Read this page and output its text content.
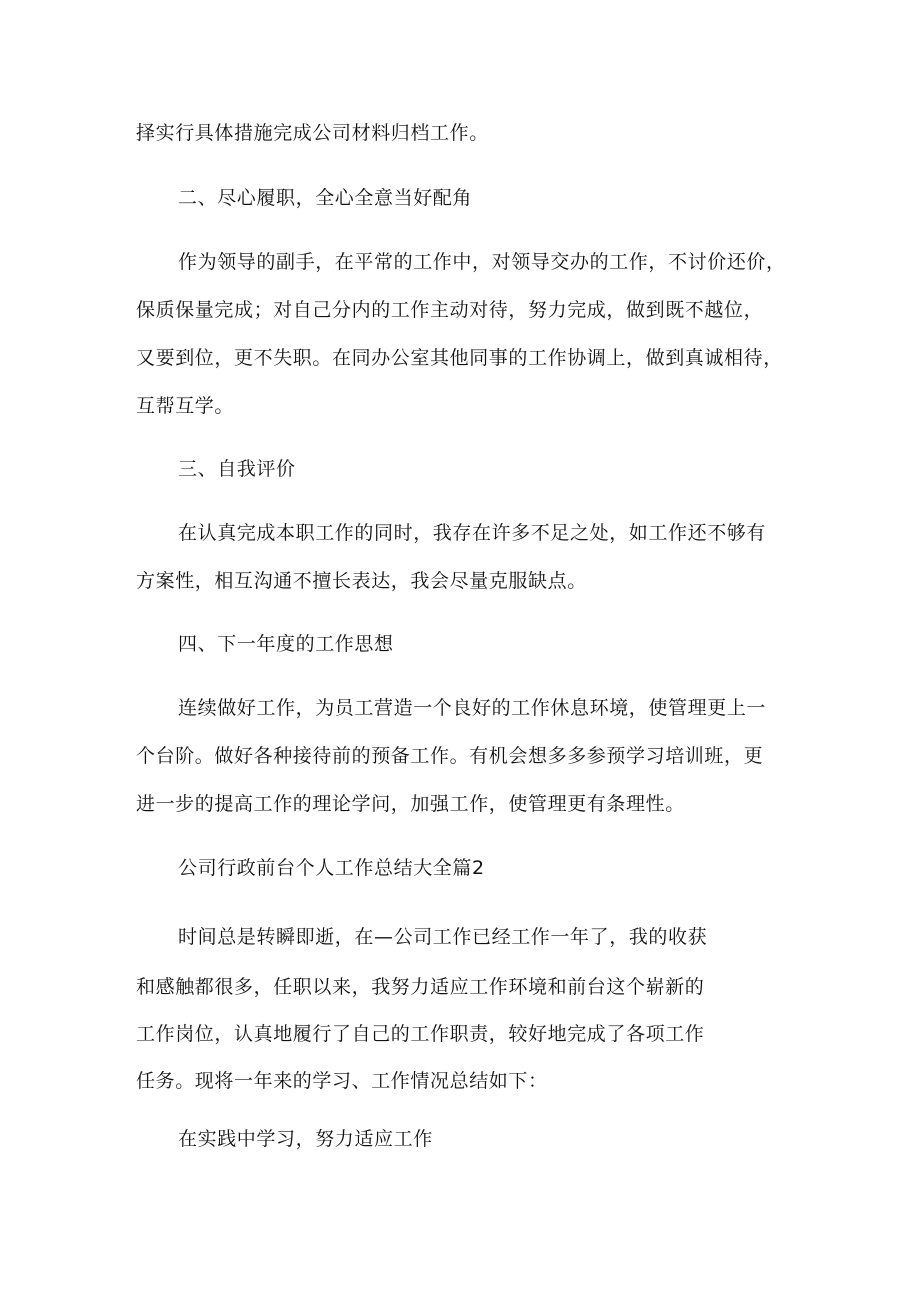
择实行具体措施完成公司材料归档工作。
二、尽心履职，全心全意当好配角
作为领导的副手，在平常的工作中，对领导交办的工作，不讨价还价，
保质保量完成；对自己分内的工作主动对待，努力完成，做到既不越位，
又要到位，更不失职。在同办公室其他同事的工作协调上，做到真诚相待，
互帮互学。
三、自我评价
在认真完成本职工作的同时，我存在许多不足之处，如工作还不够有
方案性，相互沟通不擅长表达，我会尽量克服缺点。
四、下一年度的工作思想
连续做好工作，为员工营造一个良好的工作休息环境，使管理更上一
个台阶。做好各种接待前的预备工作。有机会想多多参预学习培训班，更
进一步的提高工作的理论学问，加强工作，使管理更有条理性。
公司行政前台个人工作总结大全篇2
时间总是转瞬即逝，在—公司工作已经工作一年了，我的收获
和感触都很多，任职以来，我努力适应工作环境和前台这个崭新的
工作岗位，认真地履行了自己的工作职责，较好地完成了各项工作
任务。现将一年来的学习、工作情况总结如下：
在实践中学习，努力适应工作
